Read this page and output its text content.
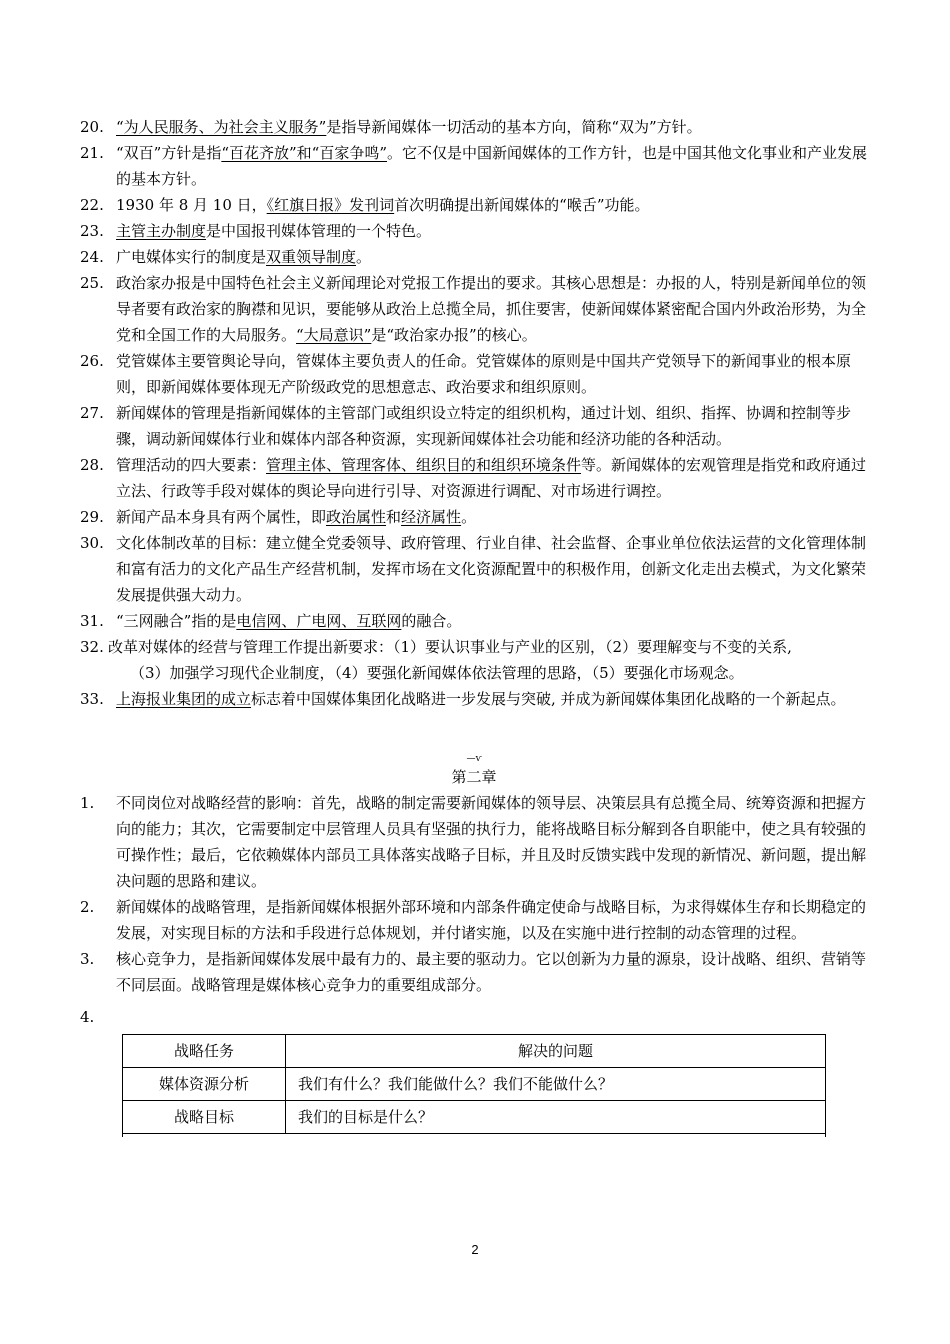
20. “为人民服务、为社会主义服务”是指导新闻媒体一切活动的基本方向，简称“双为”方针。
21. “双百”方针是指“百花齐放”和“百家争鸣”。它不仅是中国新闻媒体的工作方针，也是中国其他文化事业和产业发展的基本方针。
22. 1930 年 8 月 10 日，《红旗日报》发刊词首次明确提出新闻媒体的“喉舌”功能。
23. 主管主办制度是中国报刊媒体管理的一个特色。
24. 广电媒体实行的制度是双重领导制度。
25. 政治家办报是中国特色社会主义新闻理论对党报工作提出的要求。其核心思想是：办报的人，特别是新闻单位的领导者要有政治家的胸襟和见识，要能够从政治上总揽全局，抓住要害，使新闻媒体紧密配合国内外政治形势，为全党和全国工作的大局服务。“大局意识”是“政治家办报”的核心。
26. 党管媒体主要管舆论导向，管媒体主要负责人的任命。党管媒体的原则是中国共产党领导下的新闻事业的根本原则，即新闻媒体要体现无产阶级政党的思想意志、政治要求和组织原则。
27. 新闻媒体的管理是指新闻媒体的主管部门或组织设立特定的组织机构，通过计划、组织、指挥、协调和控制等步骤，调动新闻媒体行业和媒体内部各种资源，实现新闻媒体社会功能和经济功能的各种活动。
28. 管理活动的四大要素：管理主体、管理客体、组织目的和组织环境条件等。新闻媒体的宏观管理是指党和政府通过立法、行政等手段对媒体的舆论导向进行引导、对资源进行调配、对市场进行调控。
29. 新闻产品本身具有两个属性，即政治属性和经济属性。
30. 文化体制改革的目标：建立健全党委领导、政府管理、行业自律、社会监督、企事业单位依法运营的文化管理体制和富有活力的文化产品生产经营机制，发挥市场在文化资源配置中的积极作用，创新文化走出去模式，为文化繁荣发展提供强大动力。
31. “三网融合”指的是电信网、广电网、互联网的融合。
32. 改革对媒体的经营与管理工作提出新要求：（1）要认识事业与产业的区别，（2）要理解变与不变的关系,
（3）加强学习现代企业制度，（4）要强化新闻媒体依法管理的思路，（5）要强化市场观念。
33. 上海报业集团的成立标志着中国媒体集团化战略进一步发展与突破, 并成为新闻媒体集团化战略的一个新起点。
—ѵ
第二章
1.	不同岗位对战略经营的影响：首先，战略的制定需要新闻媒体的领导层、决策层具有总揽全局、统筹资源和把握方向的能力；其次，它需要制定中层管理人员具有坚强的执行力，能将战略目标分解到各自职能中，使之具有较强的可操作性；最后，它依赖媒体内部员工具体落实战略子目标，并且及时反馈实践中发现的新情况、新问题，提出解决问题的思路和建议。
2.	新闻媒体的战略管理，是指新闻媒体根据外部环境和内部条件确定使命与战略目标，为求得媒体生存和长期稳定的发展，对实现目标的方法和手段进行总体规划，并付诸实施，以及在实施中进行控制的动态管理的过程。
3.	核心竞争力，是指新闻媒体发展中最有力的、最主要的驱动力。它以创新为力量的源泉，设计战略、组织、营销等不同层面。战略管理是媒体核心竞争力的重要组成部分。
4.
战略任务	解决的问题
媒体资源分析	我们有什么？我们能做什么？我们不能做什么？
战略目标	我们的目标是什么？
2
